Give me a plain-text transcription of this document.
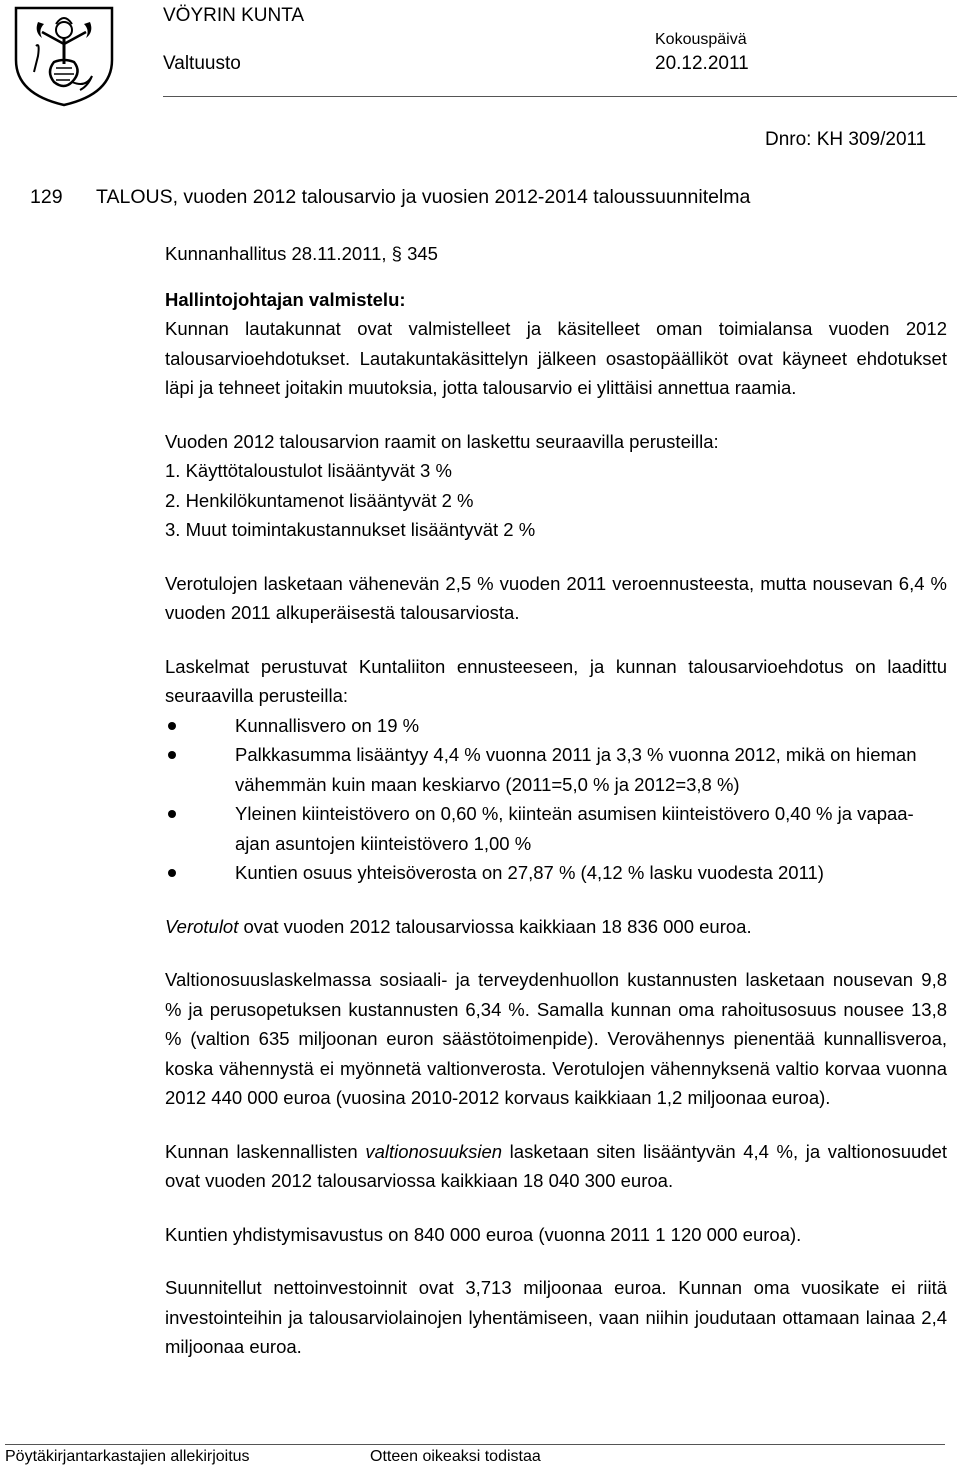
VÖYRIN KUNTA
Valtuusto
Kokouspäivä
20.12.2011
Dnro: KH 309/2011
129 TALOUS, vuoden 2012 talousarvio ja vuosien 2012-2014 taloussuunnitelma
Kunnanhallitus 28.11.2011, § 345
Hallintojohtajan valmistelu:
Kunnan lautakunnat ovat valmistelleet ja käsitelleet oman toimialansa vuoden 2012 talousarvioehdotukset. Lautakuntakäsittelyn jälkeen osastopäälliköt ovat käyneet ehdotukset läpi ja tehneet joitakin muutoksia, jotta talousarvio ei ylittäisi annettua raamia.
Vuoden 2012 talousarvion raamit on laskettu seuraavilla perusteilla:
1. Käyttötaloustulot lisääntyvät 3 %
2. Henkilökuntamenot lisääntyvät 2 %
3. Muut toimintakustannukset lisääntyvät 2 %
Verotulojen lasketaan vähenevän 2,5 % vuoden 2011 veroennusteesta, mutta nousevan 6,4 % vuoden 2011 alkuperäisestä talousarviosta.
Laskelmat perustuvat Kuntaliiton ennusteeseen, ja kunnan talousarvioehdotus on laadittu seuraavilla perusteilla:
Kunnallisvero on 19 %
Palkkasumma lisääntyy 4,4 % vuonna 2011 ja 3,3 % vuonna 2012, mikä on hieman vähemmän kuin maan keskiarvo (2011=5,0 % ja 2012=3,8 %)
Yleinen kiinteistövero on 0,60 %, kiinteän asumisen kiinteistövero 0,40 % ja vapaa-ajan asuntojen kiinteistövero 1,00 %
Kuntien osuus yhteisöverosta on 27,87 % (4,12 % lasku vuodesta 2011)
Verotulot ovat vuoden 2012 talousarviossa kaikkiaan 18 836 000 euroa.
Valtionosuuslaskelmassa sosiaali- ja terveydenhuollon kustannusten lasketaan nousevan 9,8 % ja perusopetuksen kustannusten 6,34 %. Samalla kunnan oma rahoitusosuus nousee 13,8 % (valtion 635 miljoonan euron säästötoimenpide). Verovähennys pienentää kunnallisveroa, koska vähennystä ei myönnetä valtionverosta. Verotulojen vähennyksenä valtio korvaa vuonna 2012 440 000 euroa (vuosina 2010-2012 korvaus kaikkiaan 1,2 miljoonaa euroa).
Kunnan laskennallisten valtionosuuksien lasketaan siten lisääntyvän 4,4 %, ja valtionosuudet ovat vuoden 2012 talousarviossa kaikkiaan 18 040 300 euroa.
Kuntien yhdistymisavustus on 840 000 euroa (vuonna 2011 1 120 000 euroa).
Suunnitellut nettoinvestoinnit ovat 3,713 miljoonaa euroa. Kunnan oma vuosikate ei riitä investointeihin ja talousarviolainojen lyhentämiseen, vaan niihin joudutaan ottamaan lainaa 2,4 miljoonaa euroa.
Pöytäkirjantarkastajien allekirjoitus	Otteen oikeaksi todistaa
